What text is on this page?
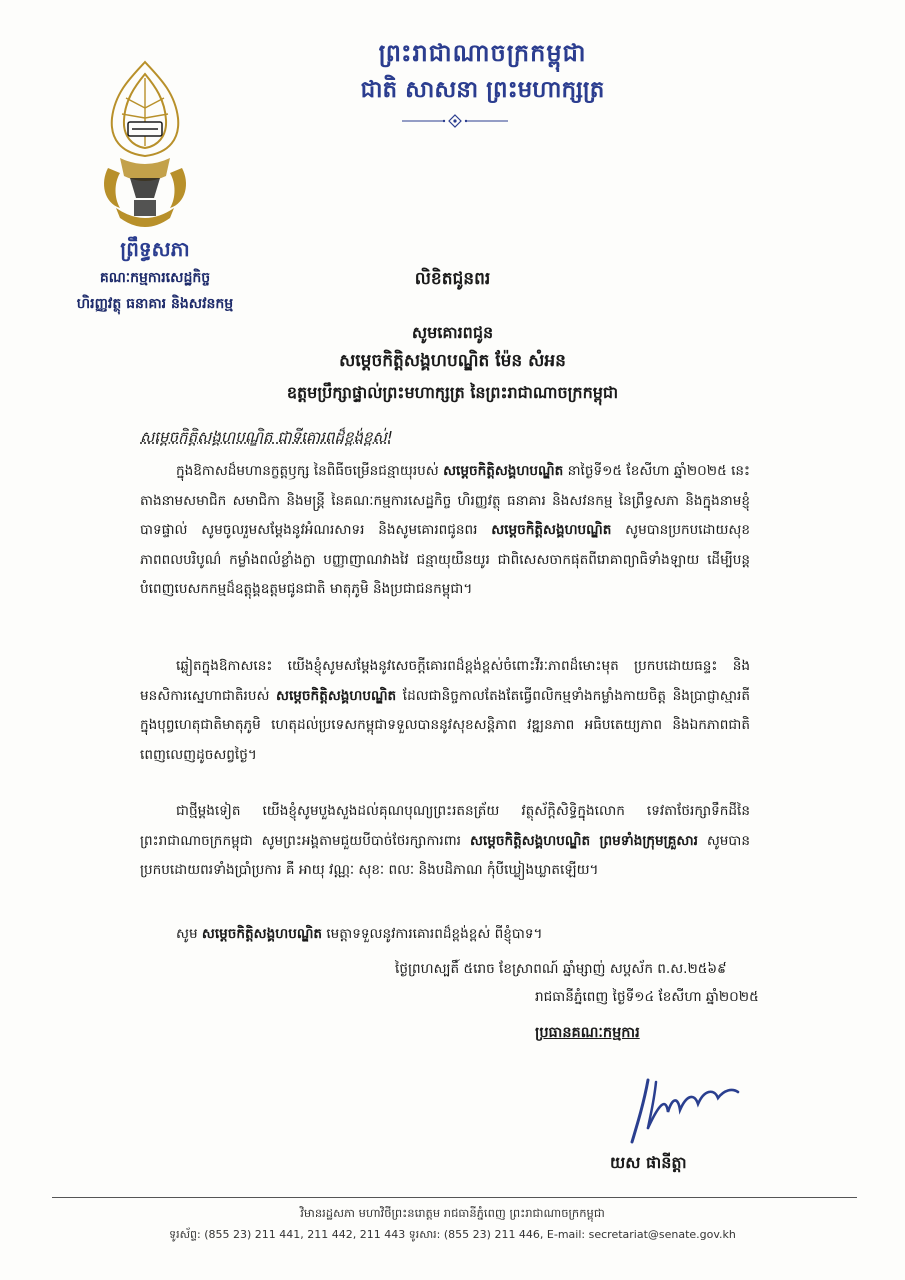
ព្រះរាជាណាចក្រកម្ពុជា
ជាតិ សាសនា ព្រះមហាក្សត្រ
ព្រឹទ្ធសភា
គណៈកម្មការសេដ្ឋកិច្ច
ហិរញ្ញវត្ថុ ធនាគារ និងសវនកម្ម
លិខិតជូនពរ
សូមគោរពជូន
សម្តេចកិត្តិសង្គហបណ្ឌិត ម៉ែន សំអន
ឧត្តមប្រឹក្សាផ្ទាល់ព្រះមហាក្សត្រ នៃព្រះរាជាណាចក្រកម្ពុជា
សម្តេចកិត្តិសង្គហបណ្ឌិត ជាទីគោរពដ៏ខ្ពង់ខ្ពស់!

ក្នុងឱកាសដ៏មហានក្ខត្តឫក្ស នៃពិធីចម្រើនជន្មាយុរបស់ សម្តេចកិត្តិសង្គហបណ្ឌិត នាថ្ងៃទី១៥ ខែសីហា ឆ្នាំ២០២៥ នេះ តាងនាមសមាជិក សមាជិកា និងមន្ត្រី នៃគណៈកម្មការសេដ្ឋកិច្ច ហិរញ្ញវត្ថុ ធនាគារ និងសវនកម្ម នៃព្រឹទ្ធសភា និងក្នុងនាមខ្ញុំបាទផ្ទាល់ សូមចូលរួមសម្តែងនូវអំណរសាទរ និងសូមគោរពជូនពរ សម្តេចកិត្តិសង្គហបណ្ឌិត សូមបានប្រកបដោយសុខភាពពលបរិបូណ៌ កម្លាំងពលំខ្លាំងក្លា បញ្ញាញាណវាងវៃ ជន្មាយុយឺនយូរ ជាពិសេសចាកផុតពីរោគាព្យាធិទាំងឡាយ ដើម្បីបន្តបំពេញបេសកកម្មដ៏ឧត្តុង្គឧត្តមជូនជាតិ មាតុភូមិ និងប្រជាជនកម្ពុជា។

ឆ្លៀតក្នុងឱកាសនេះ យើងខ្ញុំសូមសម្តែងនូវសេចក្តីគោរពដ៏ខ្ពង់ខ្ពស់ចំពោះវីរៈភាពដ៏មោះមុត ប្រកបដោយធន្ទះ និងមនសិការស្នេហាជាតិរបស់ សម្តេចកិត្តិសង្គហបណ្ឌិត ដែលជានិច្ចកាលតែងតែធ្វើពលិកម្មទាំងកម្លាំងកាយចិត្ត និងប្រាជ្ញាស្មារតីក្នុងបុព្វហេតុជាតិមាតុភូមិ ហេតុដល់ប្រទេសកម្ពុជាទទួលបាននូវសុខសន្តិភាព វឌ្ឍនភាព អធិបតេយ្យភាព និងឯកភាពជាតិពេញលេញដូចសព្វថ្ងៃ។

ជាថ្មីម្តងទៀត យើងខ្ញុំសូមបួងសួងដល់គុណបុណ្យព្រះរតនត្រ័យ វត្ថុស័ក្តិសិទ្ធិក្នុងលោក ទេវតាថែរក្សាទឹកដីនៃព្រះរាជាណាចក្រកម្ពុជា សូមព្រះអង្គតាមជួយបីបាច់ថែរក្សាការពារ សម្តេចកិត្តិសង្គហបណ្ឌិត ព្រមទាំងក្រុមគ្រួសារ សូមបានប្រកបដោយពរទាំងប្រាំប្រការ គឺ អាយុ វណ្ណៈ សុខៈ ពលៈ និងបដិភាណ កុំបីឃ្លៀងឃ្លាតឡើយ។

សូម សម្តេចកិត្តិសង្គហបណ្ឌិត មេត្តាទទួលនូវការគោរពដ៏ខ្ពង់ខ្ពស់ ពីខ្ញុំបាទ។

ថ្ងៃព្រហស្បតិ៍ ៥រោច ខែស្រាពណ៍ ឆ្នាំម្សាញ់ សប្តស័ក ព.ស.២៥៦៩
រាជធានីភ្នំពេញ ថ្ងៃទី១៤ ខែសីហា ឆ្នាំ២០២៥
ប្រធានគណៈកម្មការ
យស ផានីត្តា
វិមានរដ្ឋសភា មហាវិថីព្រះនរោត្តម រាជធានីភ្នំពេញ ព្រះរាជាណាចក្រកម្ពុជា
ទូរស័ព្ទ: (855 23) 211 441, 211 442, 211 443 ទូរសារ: (855 23) 211 446, E-mail: secretariat@senate.gov.kh
